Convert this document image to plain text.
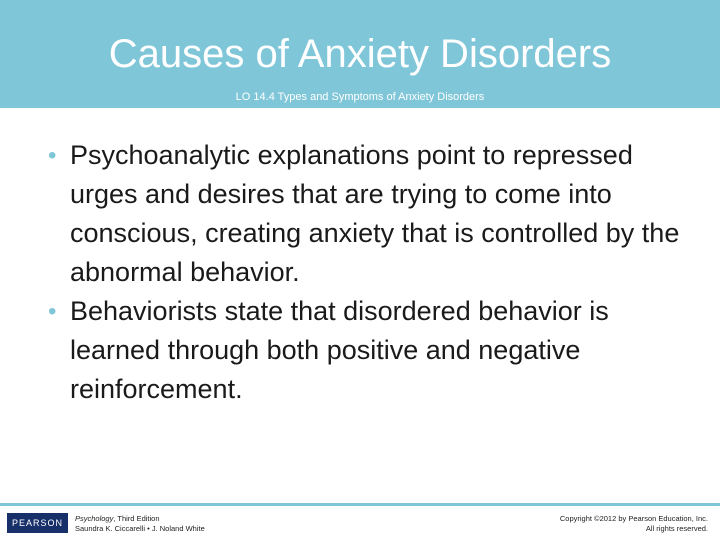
Causes of Anxiety Disorders
LO 14.4 Types and Symptoms of Anxiety Disorders
• Psychoanalytic explanations point to repressed urges and desires that are trying to come into conscious, creating anxiety that is controlled by the abnormal behavior.
• Behaviorists state that disordered behavior is learned through both positive and negative reinforcement.
PEARSON	Psychology, Third Edition
Saundra K. Ciccarelli • J. Noland White
Copyright ©2012 by Pearson Education, Inc.
All rights reserved.
